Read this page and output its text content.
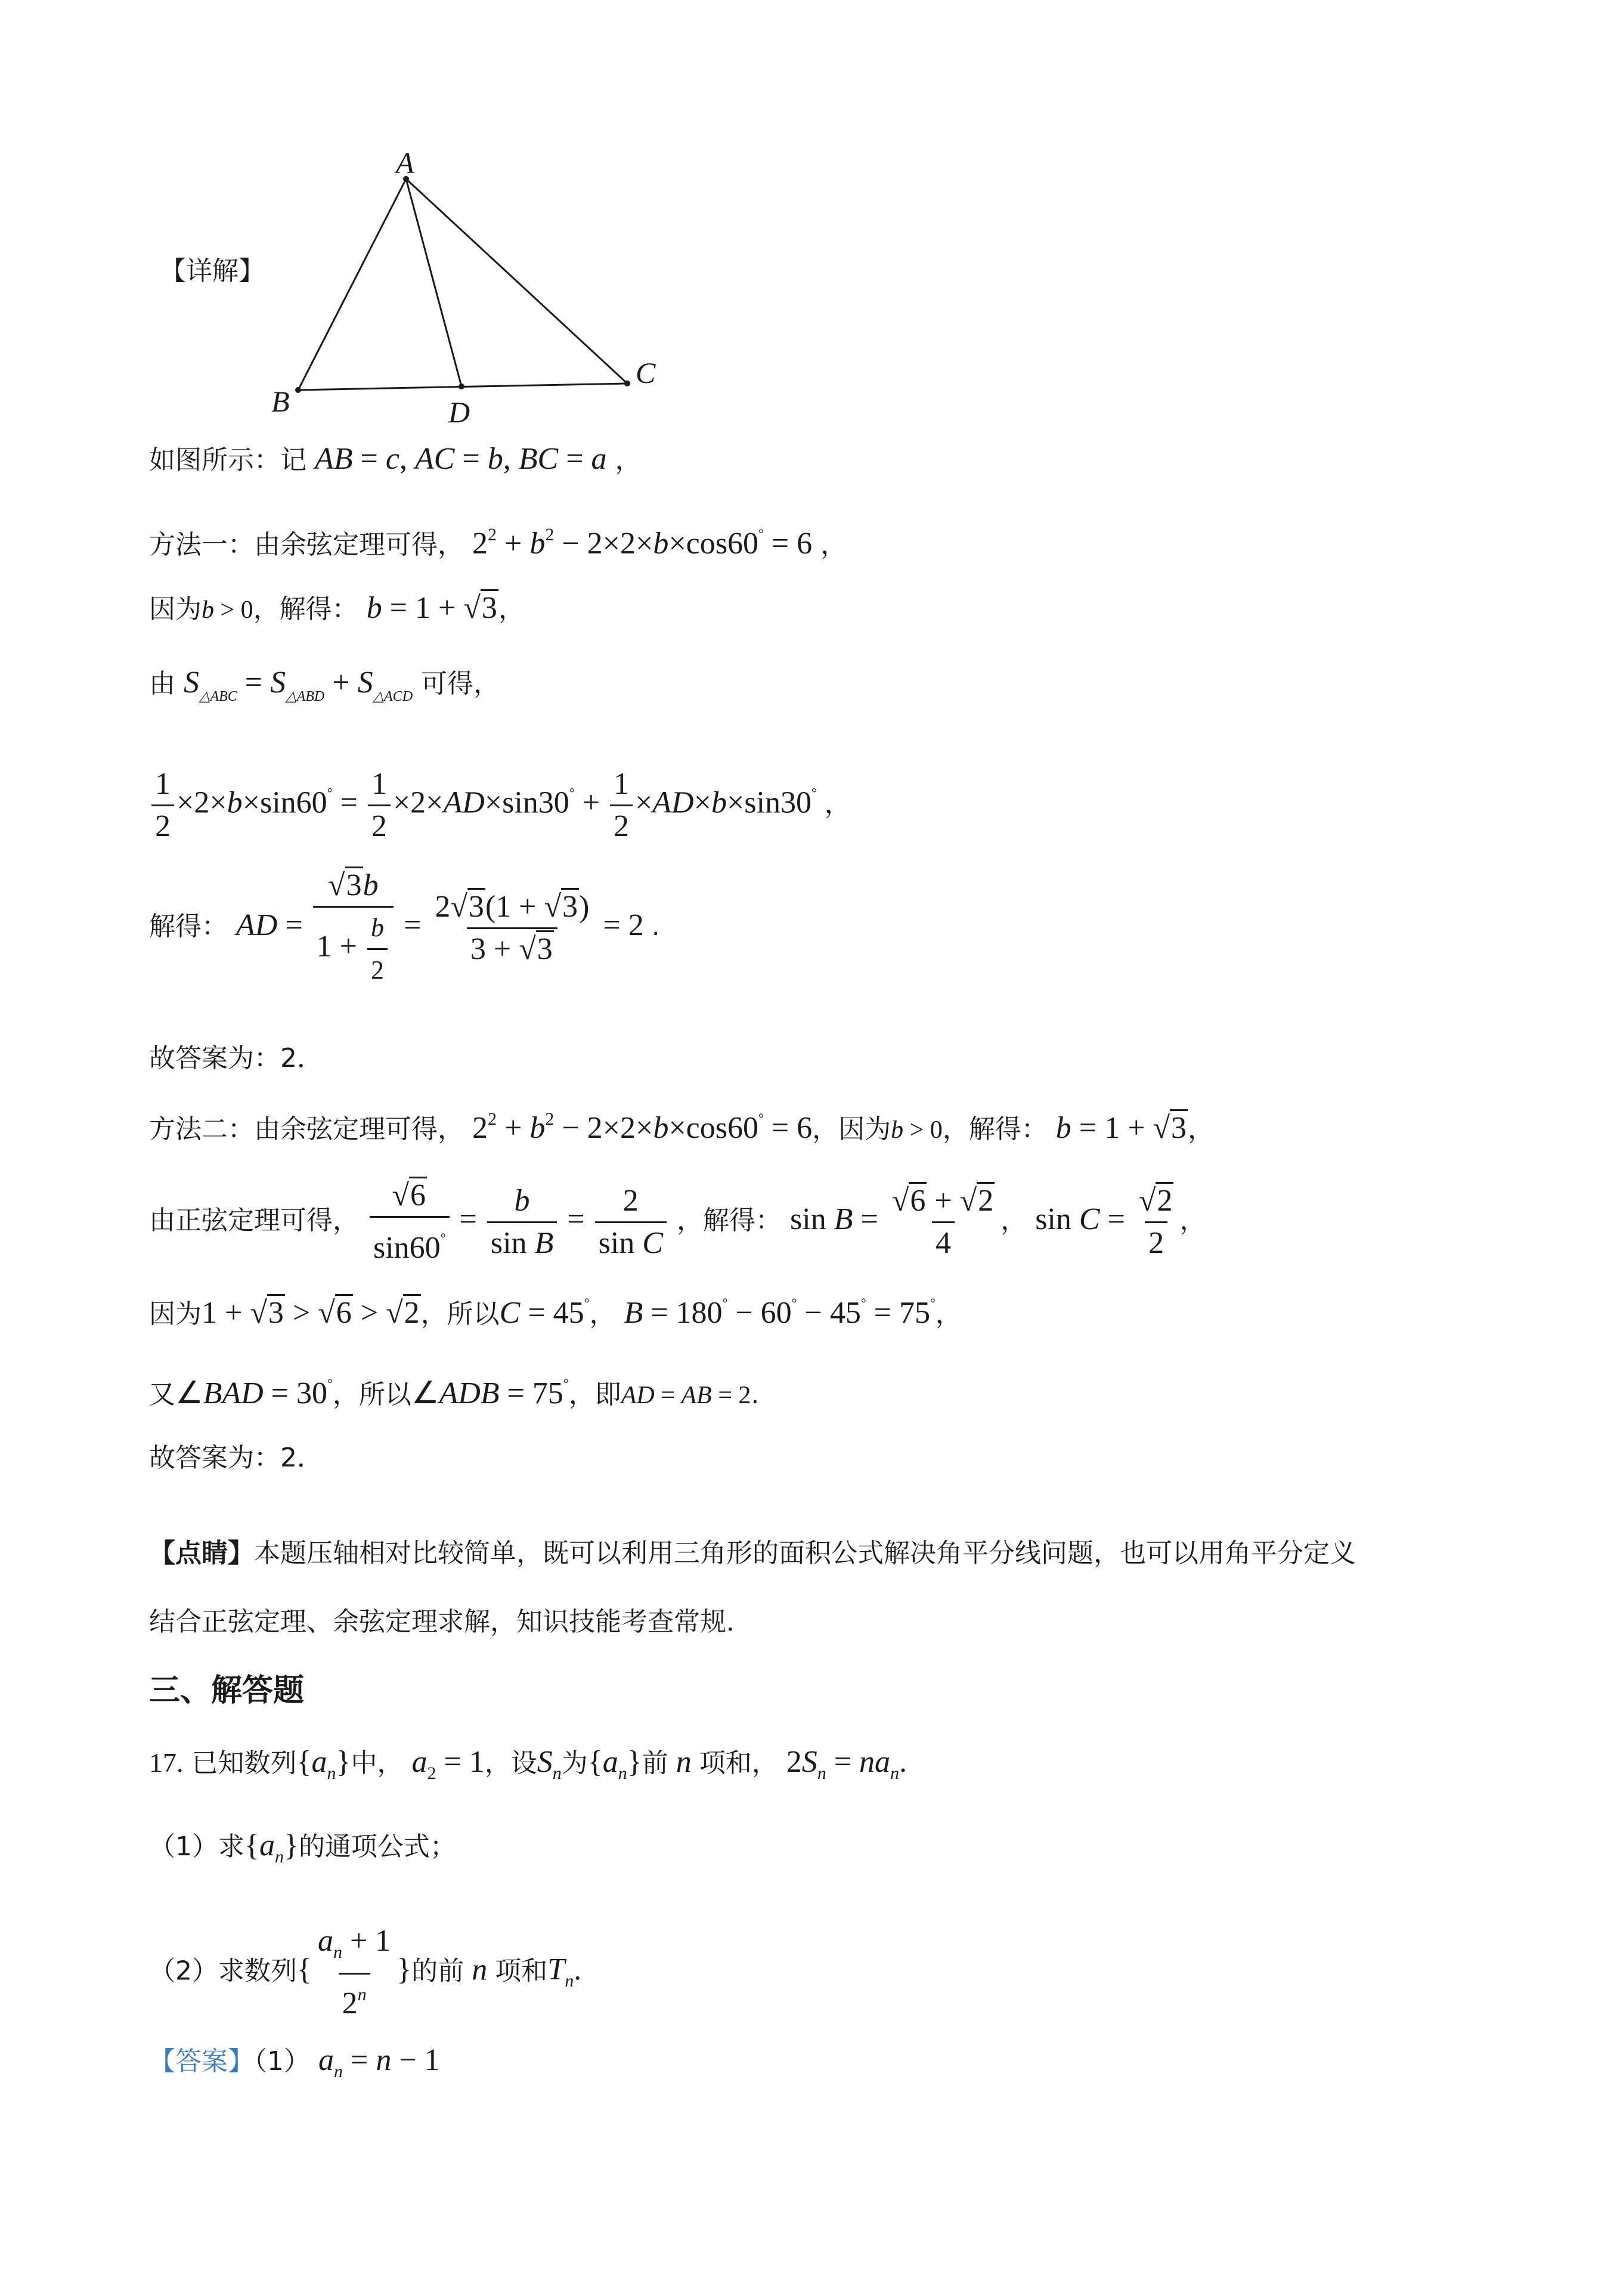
【详解】
A
B	D
C
如图所示：记 AB = c, AC = b, BC = a ，
方法一：由余弦定理可得， $2^2 + b^2 - 2\times 2\times b\times\cos 60^\circ = 6$ ，
因为b > 0，解得： b = 1 + √3，
由 $S_{\triangle ABC} = S_{\triangle ABD} + S_{\triangle ACD}$ 可得，
$\frac{1}{2} \times 2\times b\times\sin 60^\circ = \frac{1}{2} \times 2\times AD\times\sin 30^\circ + \frac{1}{2} \times AD\times b\times\sin 30^\circ$ ，
解得： AD = $\frac{√3b}{1 + \frac{b}{2}} = \frac{2√3(1 + √3)}{3 + √3} = 2$ .
故答案为：2．
方法二：由余弦定理可得， $2^2 + b^2 - 2\times 2\times b\times\cos 60^\circ = 6$，因为b > 0，解得： b = 1 + √3，
由正弦定理可得， $\frac{√6}{\sin 60^\circ} = \frac{b}{\text{sin B}} = \frac{2}{\text{sin C}}$ ，解得： $\sin B = \frac{√6 + √2}{4}$ ， $\sin C = \frac{√2}{2}$ ，
因为1 + √3 > √6 > √2，所以C = 45°， B = 180° − 60° − 45° = 75°，
又∠BAD = 30°，所以∠ADB = 75°，即AD = AB = 2.
故答案为：2．
【点睛】本题压轴相对比较简单，既可以利用三角形的面积公式解决角平分线问题，也可以用角平分定义
结合正弦定理、余弦定理求解，知识技能考查常规．
三、解答题
17. 已知数列$\{a_n\}$中， $a_2 = 1$，设$S_n$为$\{a_n\}$前 n 项和， $2S_n = na_n$.
（1）求$\{a_n\}$的通项公式；
（2）求数列{ $\frac{a_n + 1}{2^n}$ }的前 n 项和$T_n$.
【答案】（1） $a_n = n - 1$
